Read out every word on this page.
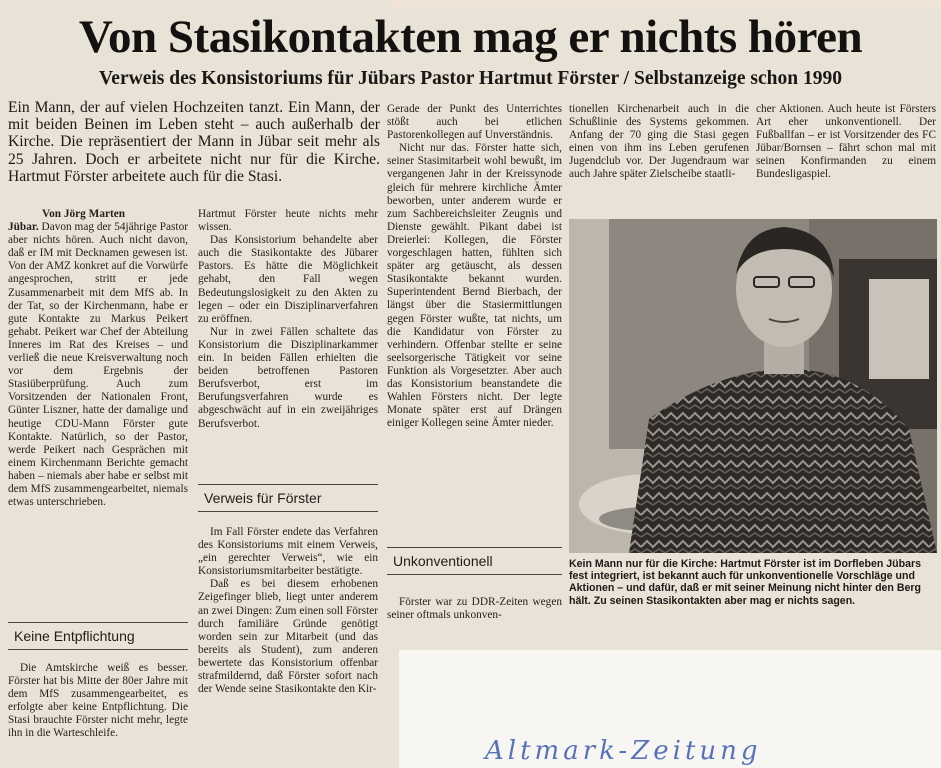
Von Stasikontakten mag er nichts hören
Verweis des Konsistoriums für Jübars Pastor Hartmut Förster / Selbstanzeige schon 1990
Ein Mann, der auf vielen Hochzeiten tanzt. Ein Mann, der mit beiden Beinen im Leben steht – auch außerhalb der Kirche. Die repräsentiert der Mann in Jübar seit mehr als 25 Jahren. Doch er arbeitete nicht nur für die Kirche. Hartmut Förster arbeitete auch für die Stasi.

Von Jörg Marten

Jübar. Davon mag der 54jährige Pastor aber nichts hören. Auch nicht davon, daß er IM mit Decknamen gewesen ist. Von der AMZ konkret auf die Vorwürfe angesprochen, stritt er jede Zusammenarbeit mit dem MfS ab. In der Tat, so der Kirchenmann, habe er gute Kontakte zu Markus Peikert gehabt. Peikert war Chef der Abteilung Inneres im Rat des Kreises – und verließ die neue Kreisverwaltung noch vor dem Ergebnis der Stasiüberprüfung. Auch zum Vorsitzenden der Nationalen Front, Günter Liszner, hatte der damalige und heutige CDU-Mann Förster gute Kontakte. Natürlich, so der Pastor, werde Peikert nach Gesprächen mit einem Kirchenmann Berichte gemacht haben – niemals aber habe er selbst mit dem MfS zusammengearbeitet, niemals etwas unterschrieben.

Keine Entpflichtung

Die Amtskirche weiß es besser. Förster hat bis Mitte der 80er Jahre mit dem MfS zusammengearbeitet, es erfolgte aber keine Entpflichtung. Die Stasi brauchte Förster nicht mehr, legte ihn in die Warteschleife.

Hartmut Förster heute nichts mehr wissen.

Das Konsistorium behandelte aber auch die Stasikontakte des Jübarer Pastors. Es hätte die Möglichkeit gehabt, den Fall wegen Bedeutungslosigkeit zu den Akten zu legen – oder ein Disziplinarverfahren zu eröffnen.

Nur in zwei Fällen schaltete das Konsistorium die Disziplinarkammer ein. In beiden Fällen erhielten die beiden betroffenen Pastoren Berufsverbot, erst im Berufungsverfahren wurde es abgeschwächt auf in ein zweijähriges Berufsverbot.

Verweis für Förster

Im Fall Förster endete das Verfahren des Konsistoriums mit einem Verweis, „ein gerechter Verweis“, wie ein Konsistoriumsmitarbeiter bestätigte.

Daß es bei diesem erhobenen Zeigefinger blieb, liegt unter anderem an zwei Dingen: Zum einen soll Förster durch familiäre Gründe genötigt worden sein zur Mitarbeit (und das bereits als Student), zum anderen bewertete das Konsistorium offenbar strafmildernd, daß Förster sofort nach der Wende seine Stasikontakte den Kir-

Gerade der Punkt des Unterrichtes stößt auch bei etlichen Pastorenkollegen auf Unverständnis.

Nicht nur das. Förster hatte sich, seiner Stasimitarbeit wohl bewußt, im vergangenen Jahr in der Kreissynode gleich für mehrere kirchliche Ämter beworben, unter anderem wurde er zum Sachbereichsleiter Zeugnis und Dienste gewählt. Pikant dabei ist Dreierlei: Kollegen, die Förster vorgeschlagen hatten, fühlten sich später arg getäuscht, als dessen Stasikontakte bekannt wurden. Superintendent Bernd Bierbach, der längst über die Stasiermittlungen gegen Förster wußte, tat nichts, um die Kandidatur von Förster zu verhindern. Offenbar stellte er seine seelsorgerische Tätigkeit vor seine Funktion als Vorgesetzter. Aber auch das Konsistorium beanstandete die Wahlen Försters nicht. Der legte Monate später erst auf Drängen einiger Kollegen seine Ämter nieder.

Unkonventionell

Förster war zu DDR-Zeiten wegen seiner oftmals unkonven-

tionellen Kirchenarbeit auch in die Schußlinie des Systems gekommen. Anfang der 70 ging die Stasi gegen einen von ihm ins Leben gerufenen Jugendclub vor. Der Jugendraum war auch Jahre später Zielscheibe staatli-

cher Aktionen. Auch heute ist Försters Art eher unkonventionell. Der Fußballfan – er ist Vorsitzender des FC Jübar/Bornsen – fährt schon mal mit seinen Konfirmanden zu einem Bundesligaspiel.

Kein Mann nur für die Kirche: Hartmut Förster ist im Dorfleben Jübars fest integriert, ist bekannt auch für unkonventionelle Vorschläge und Aktionen – und dafür, daß er mit seiner Meinung nicht hinter den Berg hält. Zu seinen Stasikontakten aber mag er nichts sagen.
Altmark-Zeitung
